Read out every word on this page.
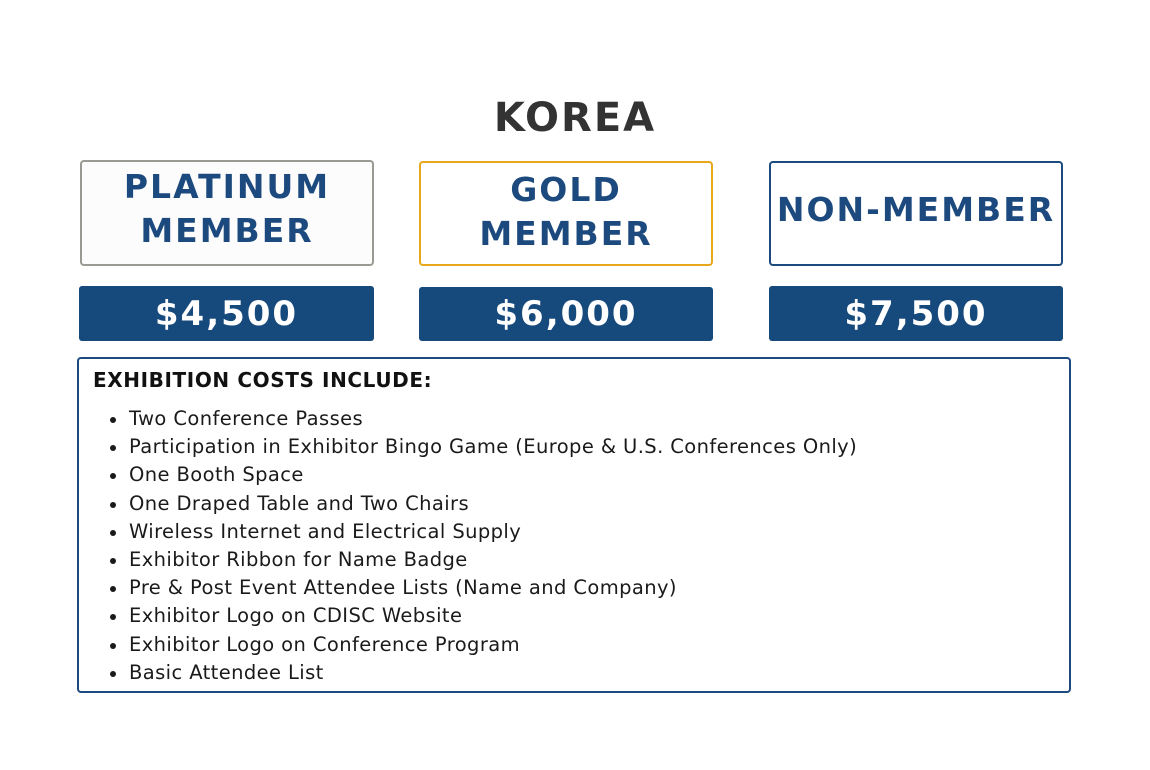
KOREA
PLATINUM
MEMBER
GOLD
MEMBER
NON-MEMBER
$4,500	$6,000	$7,500
EXHIBITION COSTS INCLUDE:
Two Conference Passes
Participation in Exhibitor Bingo Game (Europe & U.S. Conferences Only)
One Booth Space
One Draped Table and Two Chairs
Wireless Internet and Electrical Supply
Exhibitor Ribbon for Name Badge
Pre & Post Event Attendee Lists (Name and Company)
Exhibitor Logo on CDISC Website
Exhibitor Logo on Conference Program
Basic Attendee List
